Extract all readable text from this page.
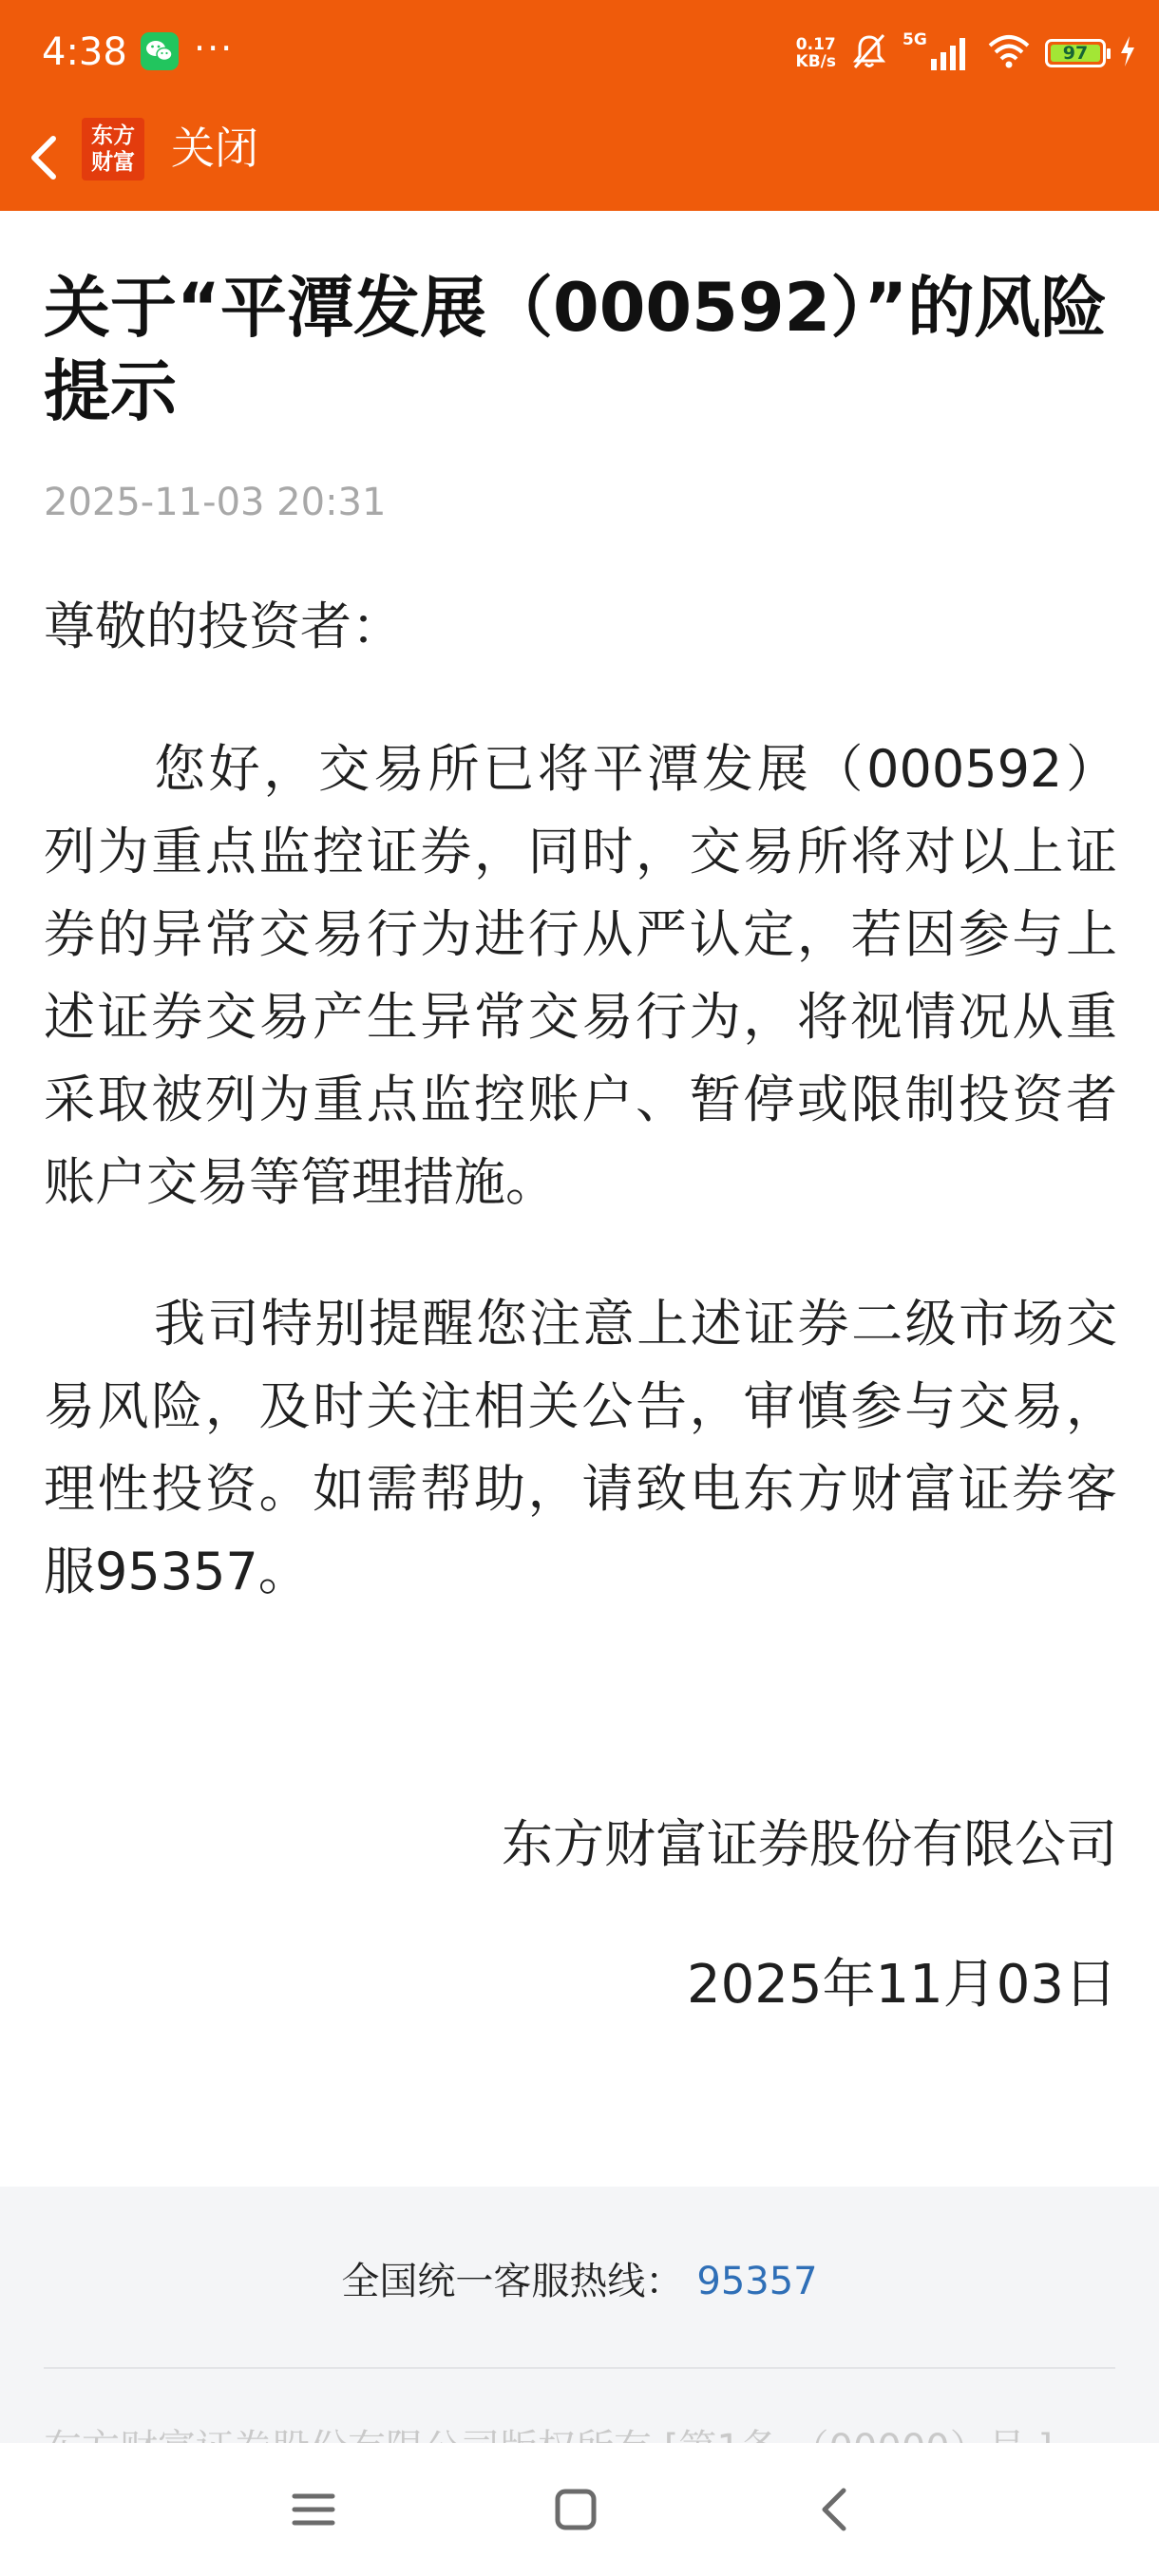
4:38 ···	0.17
KB/s
5G
97
东方
财富 关闭
关于“平潭发展（000592）”的风险提示
2025-11-03 20:31
尊敬的投资者：
您好，交易所已将平潭发展（000592）列为重点监控证券，同时，交易所将对以上证券的异常交易行为进行从严认定，若因参与上述证券交易产生异常交易行为，将视情况从重采取被列为重点监控账户、暂停或限制投资者账户交易等管理措施。
我司特别提醒您注意上述证券二级市场交易风险，及时关注相关公告，审慎参与交易，理性投资。如需帮助，请致电东方财富证券客服95357。
东方财富证券股份有限公司
2025年11月03日
全国统一客服热线： 95357
